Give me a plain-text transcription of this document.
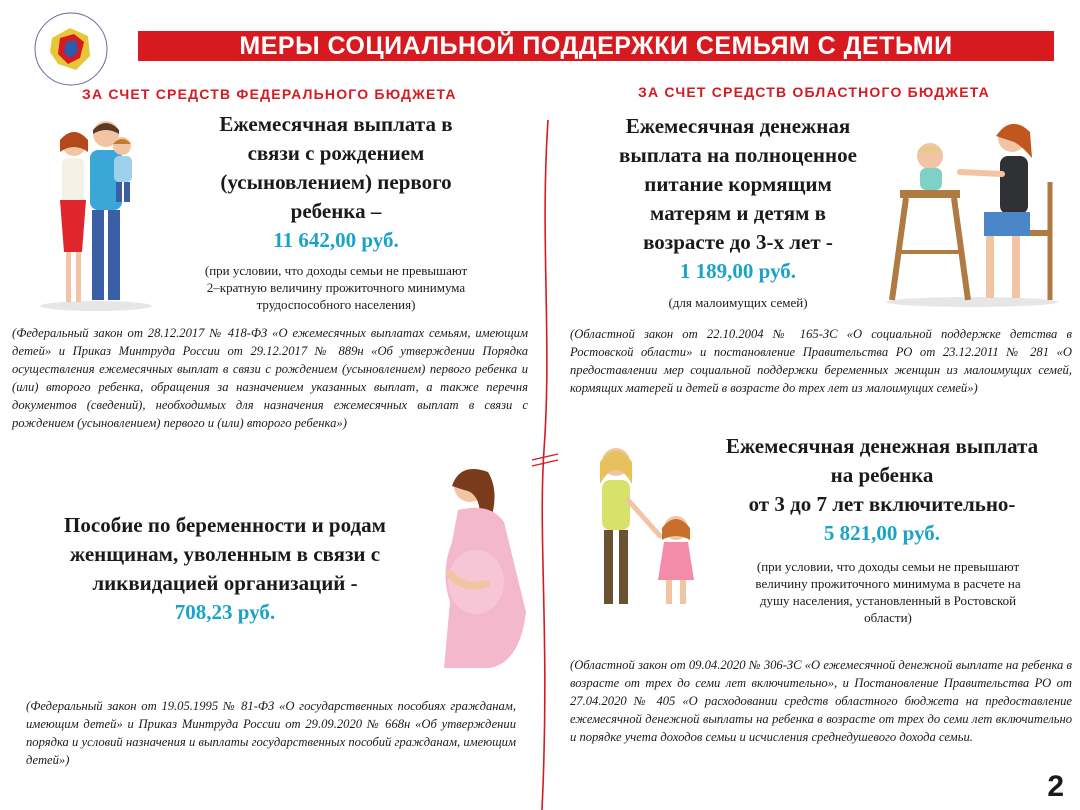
МЕРЫ СОЦИАЛЬНОЙ ПОДДЕРЖКИ СЕМЬЯМ С ДЕТЬМИ
ЗА СЧЕТ СРЕДСТВ ФЕДЕРАЛЬНОГО БЮДЖЕТА	ЗА СЧЕТ СРЕДСТВ ОБЛАСТНОГО БЮДЖЕТА
Ежемесячная выплата в
связи с рождением
(усыновлением) первого
ребенка –
11 642,00 руб.
(при условии, что доходы семьи не превышают
2–кратную величину прожиточного минимума
трудоспособного населения)
(Федеральный закон от 28.12.2017 № 418-ФЗ «О ежемесячных выплатах семьям, имеющим детей» и Приказ Минтруда России от 29.12.2017 № 889н «Об утверждении Порядка осуществления ежемесячных выплат в связи с рождением (усыновлением) первого ребенка и (или) второго ребенка, обращения за назначением указанных выплат, а также перечня документов (сведений), необходимых для назначения ежемесячных выплат в связи с рождением (усыновлением) первого и (или) второго ребенка»)
Пособие по беременности и родам
женщинам, уволенным в связи с
ликвидацией организаций -
708,23 руб.
(Федеральный закон от 19.05.1995 № 81-ФЗ «О государственных пособиях гражданам, имеющим детей» и Приказ Минтруда России от 29.09.2020 № 668н «Об утверждении порядка и условий назначения и выплаты государственных пособий гражданам, имеющим детей»)
Ежемесячная денежная
выплата на полноценное
питание кормящим
матерям и детям в
возрасте до 3-х лет -
1 189,00 руб.
(для малоимущих семей)
(Областной закон от 22.10.2004 № 165-ЗС «О социальной поддержке детства в Ростовской области» и постановление Правительства РО от 23.12.2011 № 281 «О предоставлении мер социальной поддержки беременных женщин из малоимущих семей, кормящих матерей и детей в возрасте до трех лет из малоимущих семей»)
Ежемесячная денежная выплата
на ребенка
от 3 до 7 лет включительно-
5 821,00 руб.
(при условии, что доходы семьи не превышают
величину прожиточного минимума в расчете на
душу населения, установленный в Ростовской
области)
(Областной закон от 09.04.2020 № 306-ЗС «О ежемесячной денежной выплате на ребенка в возрасте от трех до семи лет включительно», и Постановление Правительства РО от 27.04.2020 № 405 «О расходовании средств областного бюджета на предоставление ежемесячной денежной выплаты на ребенка в возрасте от трех до семи лет включительно и порядке учета доходов семьи и исчисления среднедушевого дохода семьи.
2
